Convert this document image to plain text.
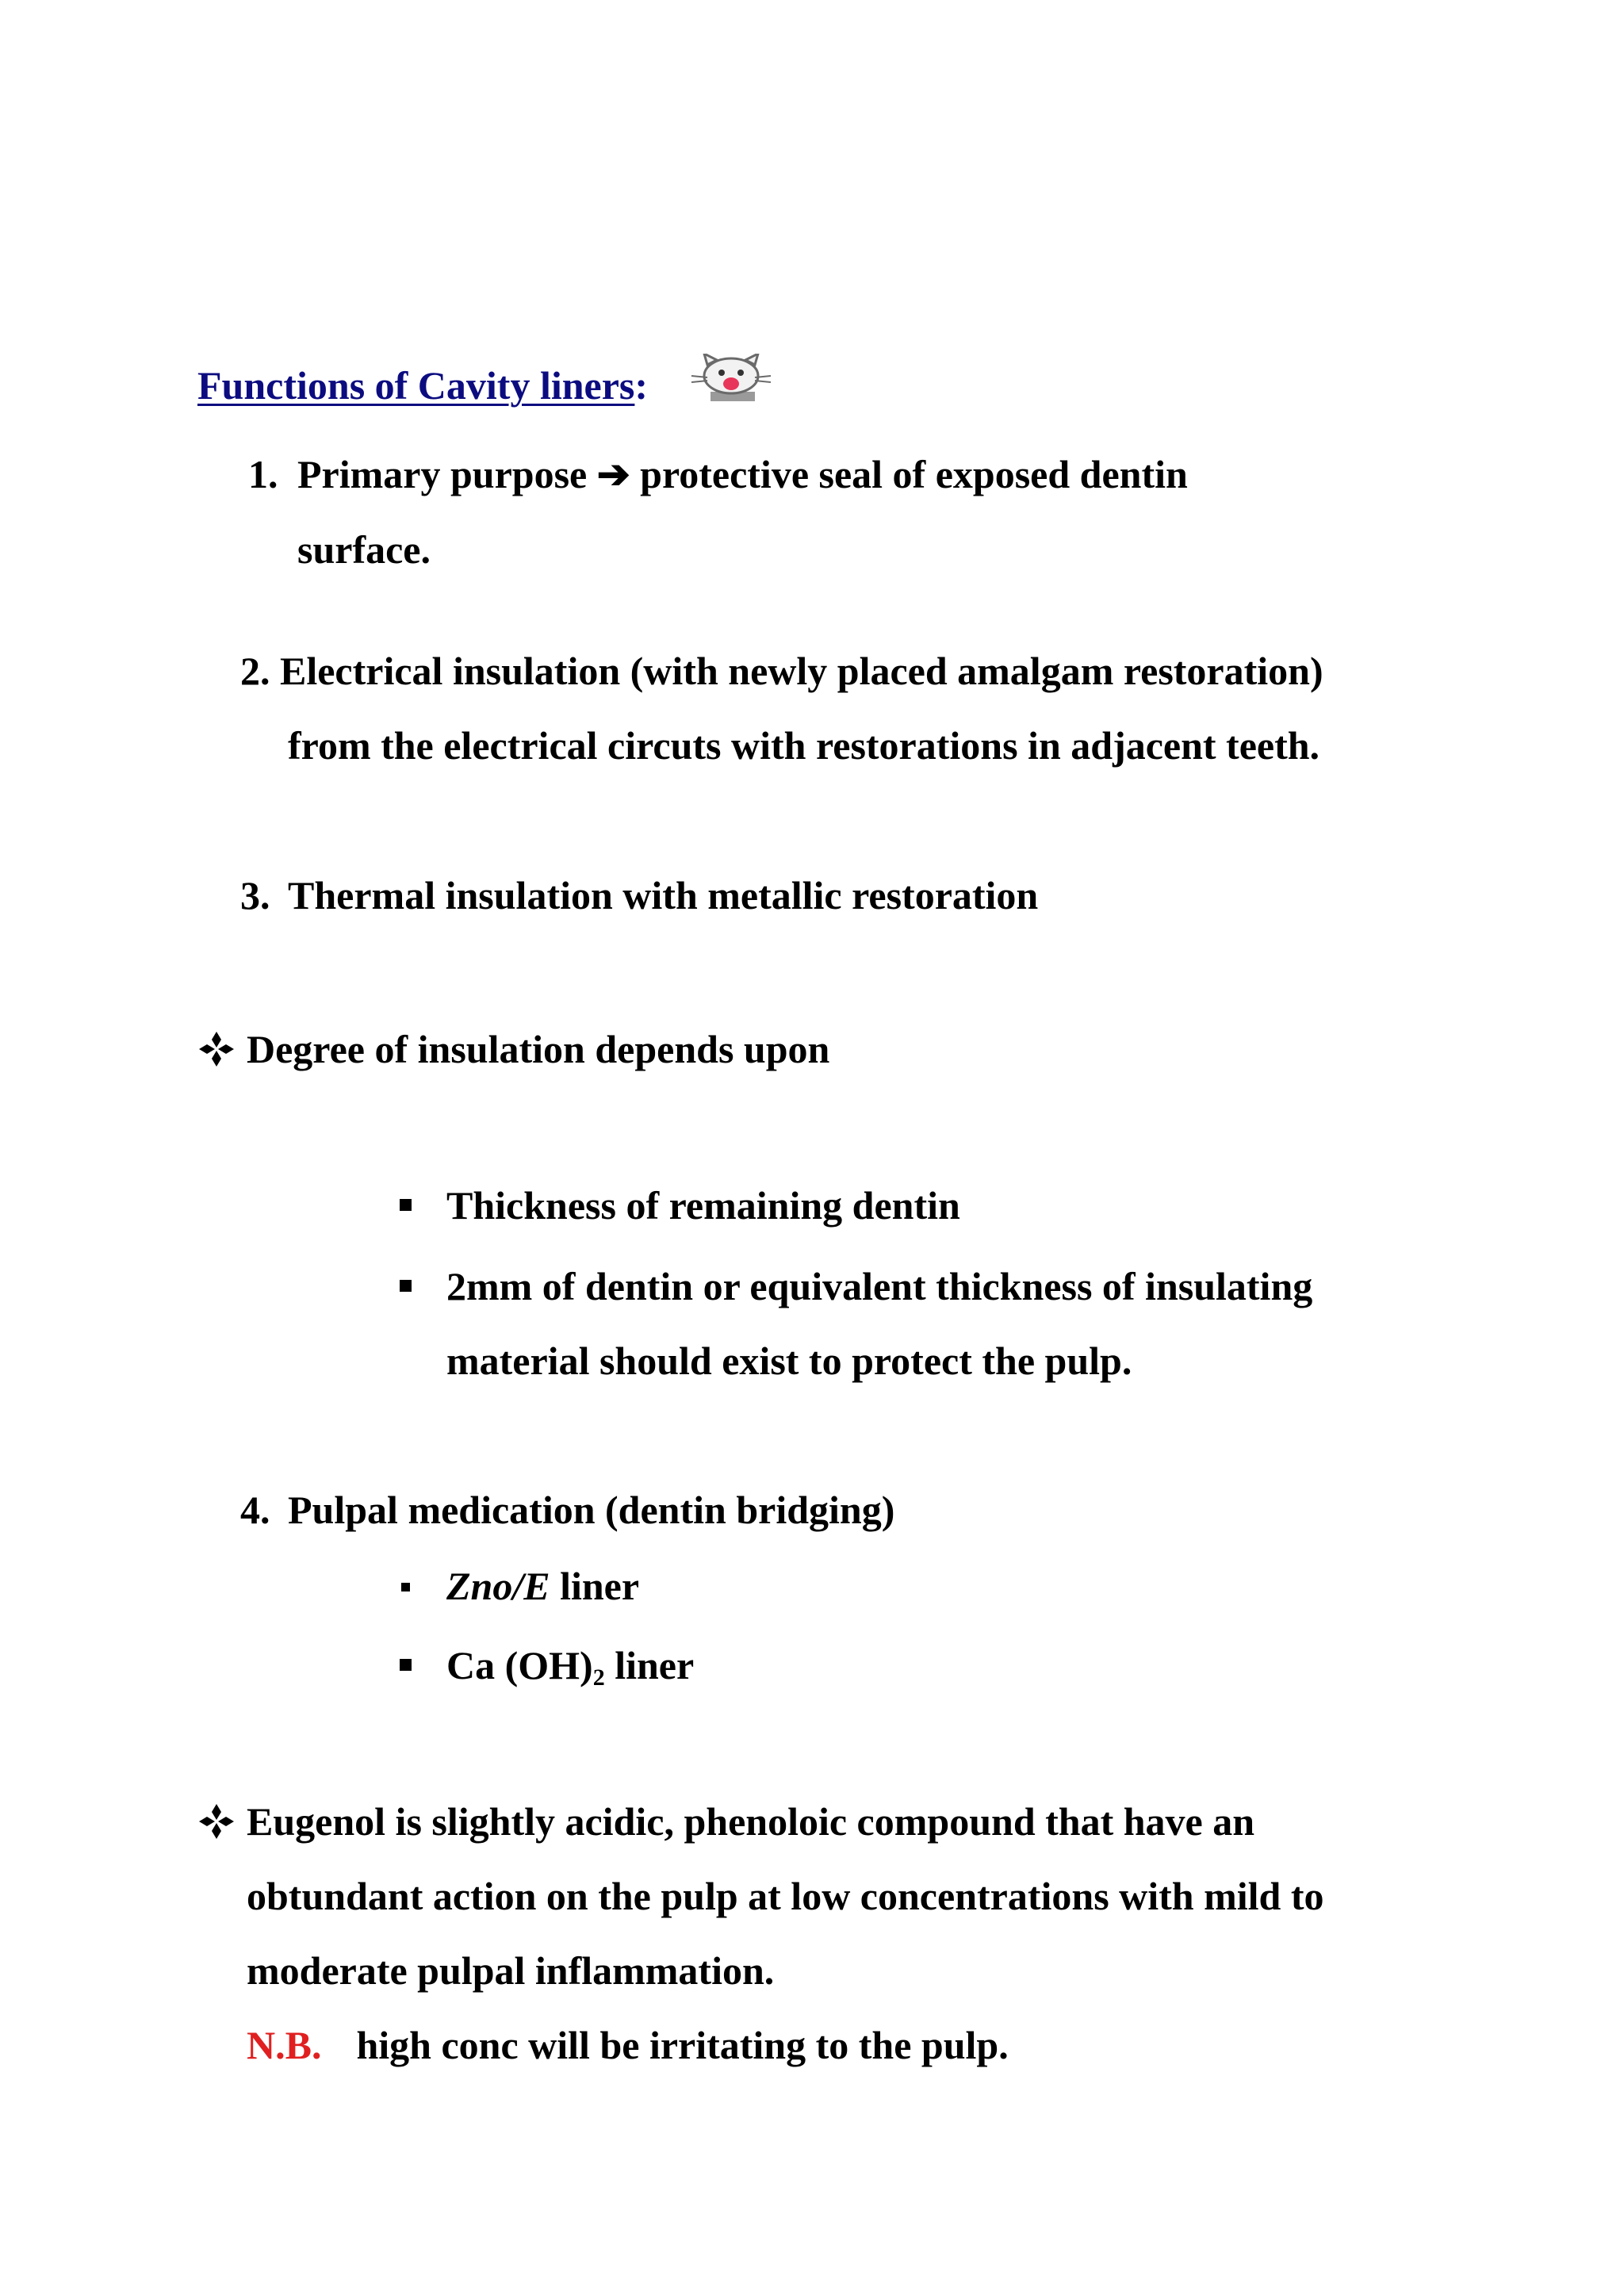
Functions of Cavity liners:
1. Primary purpose ➔ protective seal of exposed dentin
surface.
2. Electrical insulation (with newly placed amalgam restoration)
from the electrical circuts with restorations in adjacent teeth.
3. Thermal insulation with metallic restoration
Degree of insulation depends upon
Thickness of remaining dentin
2mm of dentin or equivalent thickness of insulating
material should exist to protect the pulp.
4. Pulpal medication (dentin bridging)
Zno/E liner
Ca $(OH)_2$ liner
Eugenol is slightly acidic, phenoloic compound that have an
obtundant action on the pulp at low concentrations with mild to
moderate pulpal inflammation.
N.B. high conc will be irritating to the pulp.
